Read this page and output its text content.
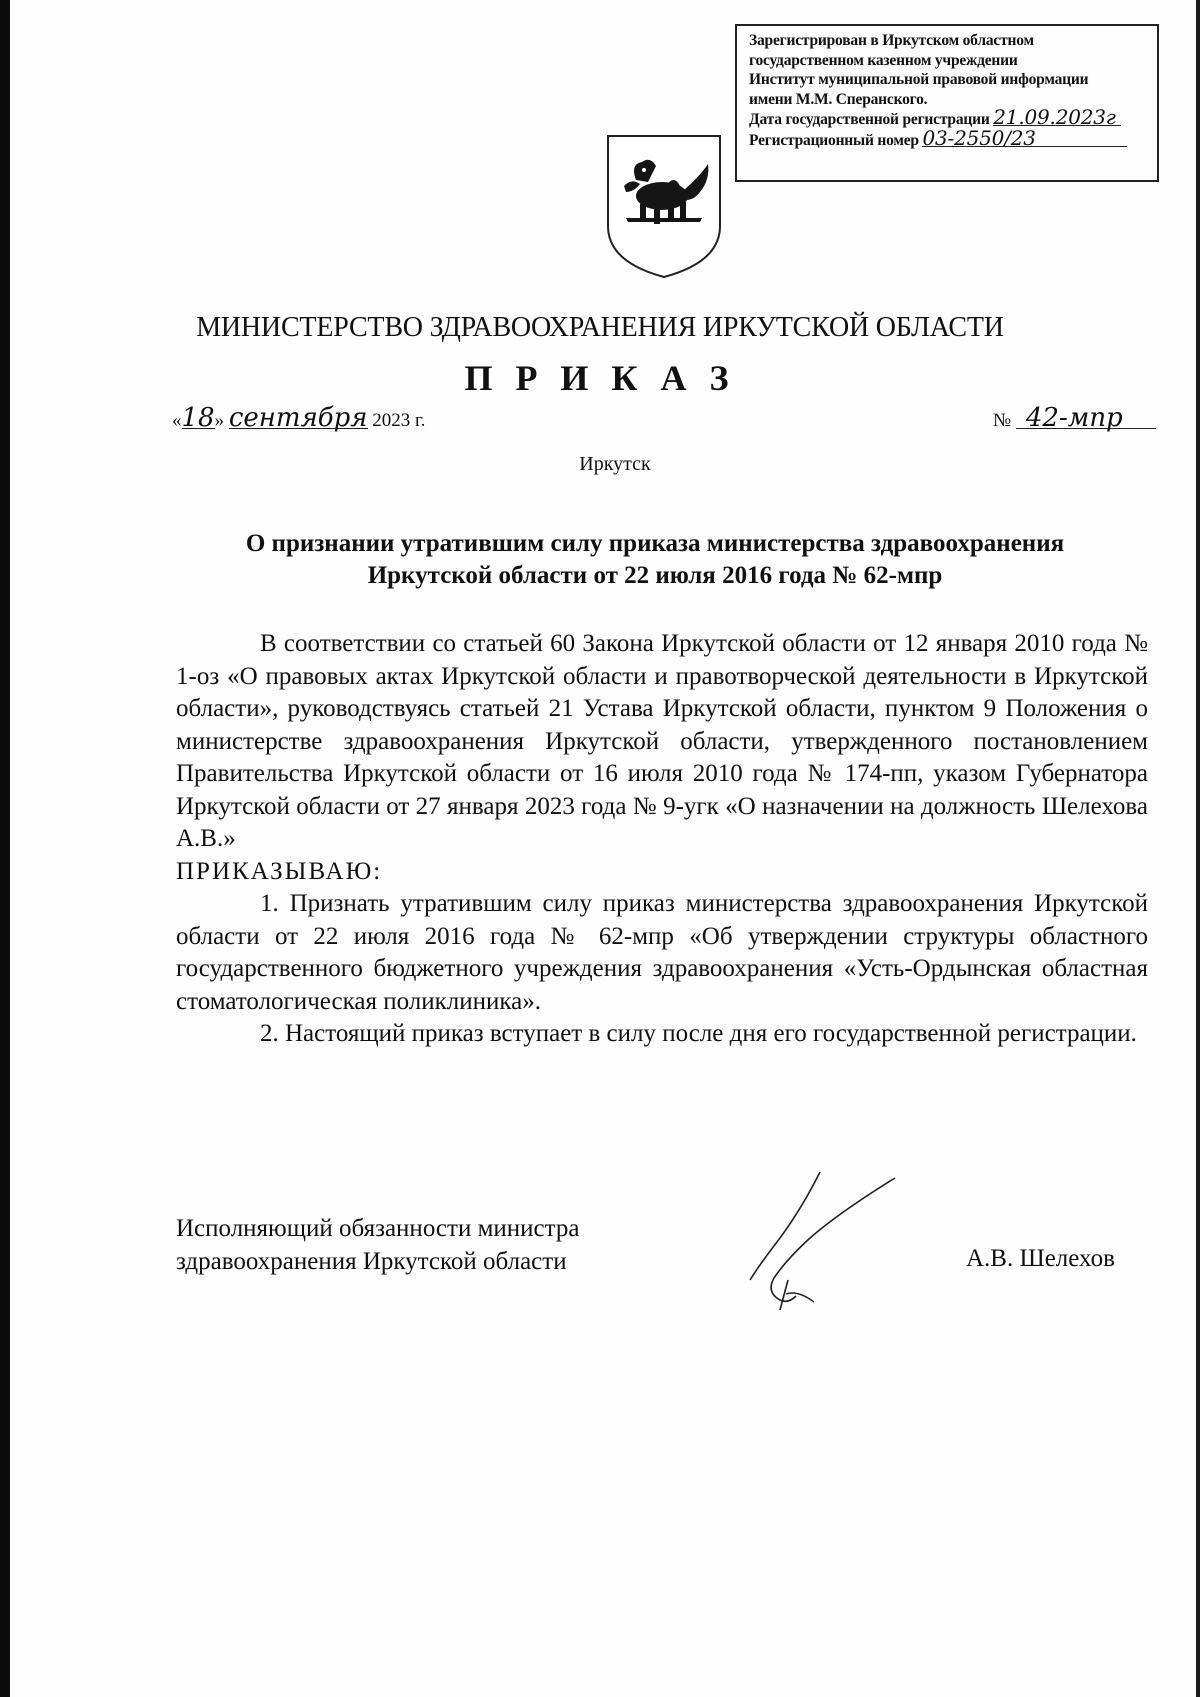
Зарегистрирован в Иркутском областном
государственном казенном учреждении
Институт муниципальной правовой информации
имени М.М. Сперанского.
Дата государственной регистрации 21.09.2023г
Регистрационный номер 03-2550/23
МИНИСТЕРСТВО ЗДРАВООХРАНЕНИЯ ИРКУТСКОЙ ОБЛАСТИ
П Р И К А З
«18» сентября 2023 г.	№ 42-мпр
Иркутск
О признании утратившим силу приказа министерства здравоохранения
Иркутской области от 22 июля 2016 года № 62-мпр

В соответствии со статьей 60 Закона Иркутской области от 12 января 2010 года № 1-оз «О правовых актах Иркутской области и правотворческой деятельности в Иркутской области», руководствуясь статьей 21 Устава Иркутской области, пунктом 9 Положения о министерстве здравоохранения Иркутской области, утвержденного постановлением Правительства Иркутской области от 16 июля 2010 года № 174-пп, указом Губернатора Иркутской области от 27 января 2023 года № 9-угк «О назначении на должность Шелехова А.В.»

ПРИКАЗЫВАЮ:

1. Признать утратившим силу приказ министерства здравоохранения Иркутской области от 22 июля 2016 года № 62-мпр «Об утверждении структуры областного государственного бюджетного учреждения здравоохранения «Усть-Ордынская областная стоматологическая поликлиника».

2. Настоящий приказ вступает в силу после дня его государственной регистрации.

Исполняющий обязанности министра
здравоохранения Иркутской области	А.В. Шелехов
